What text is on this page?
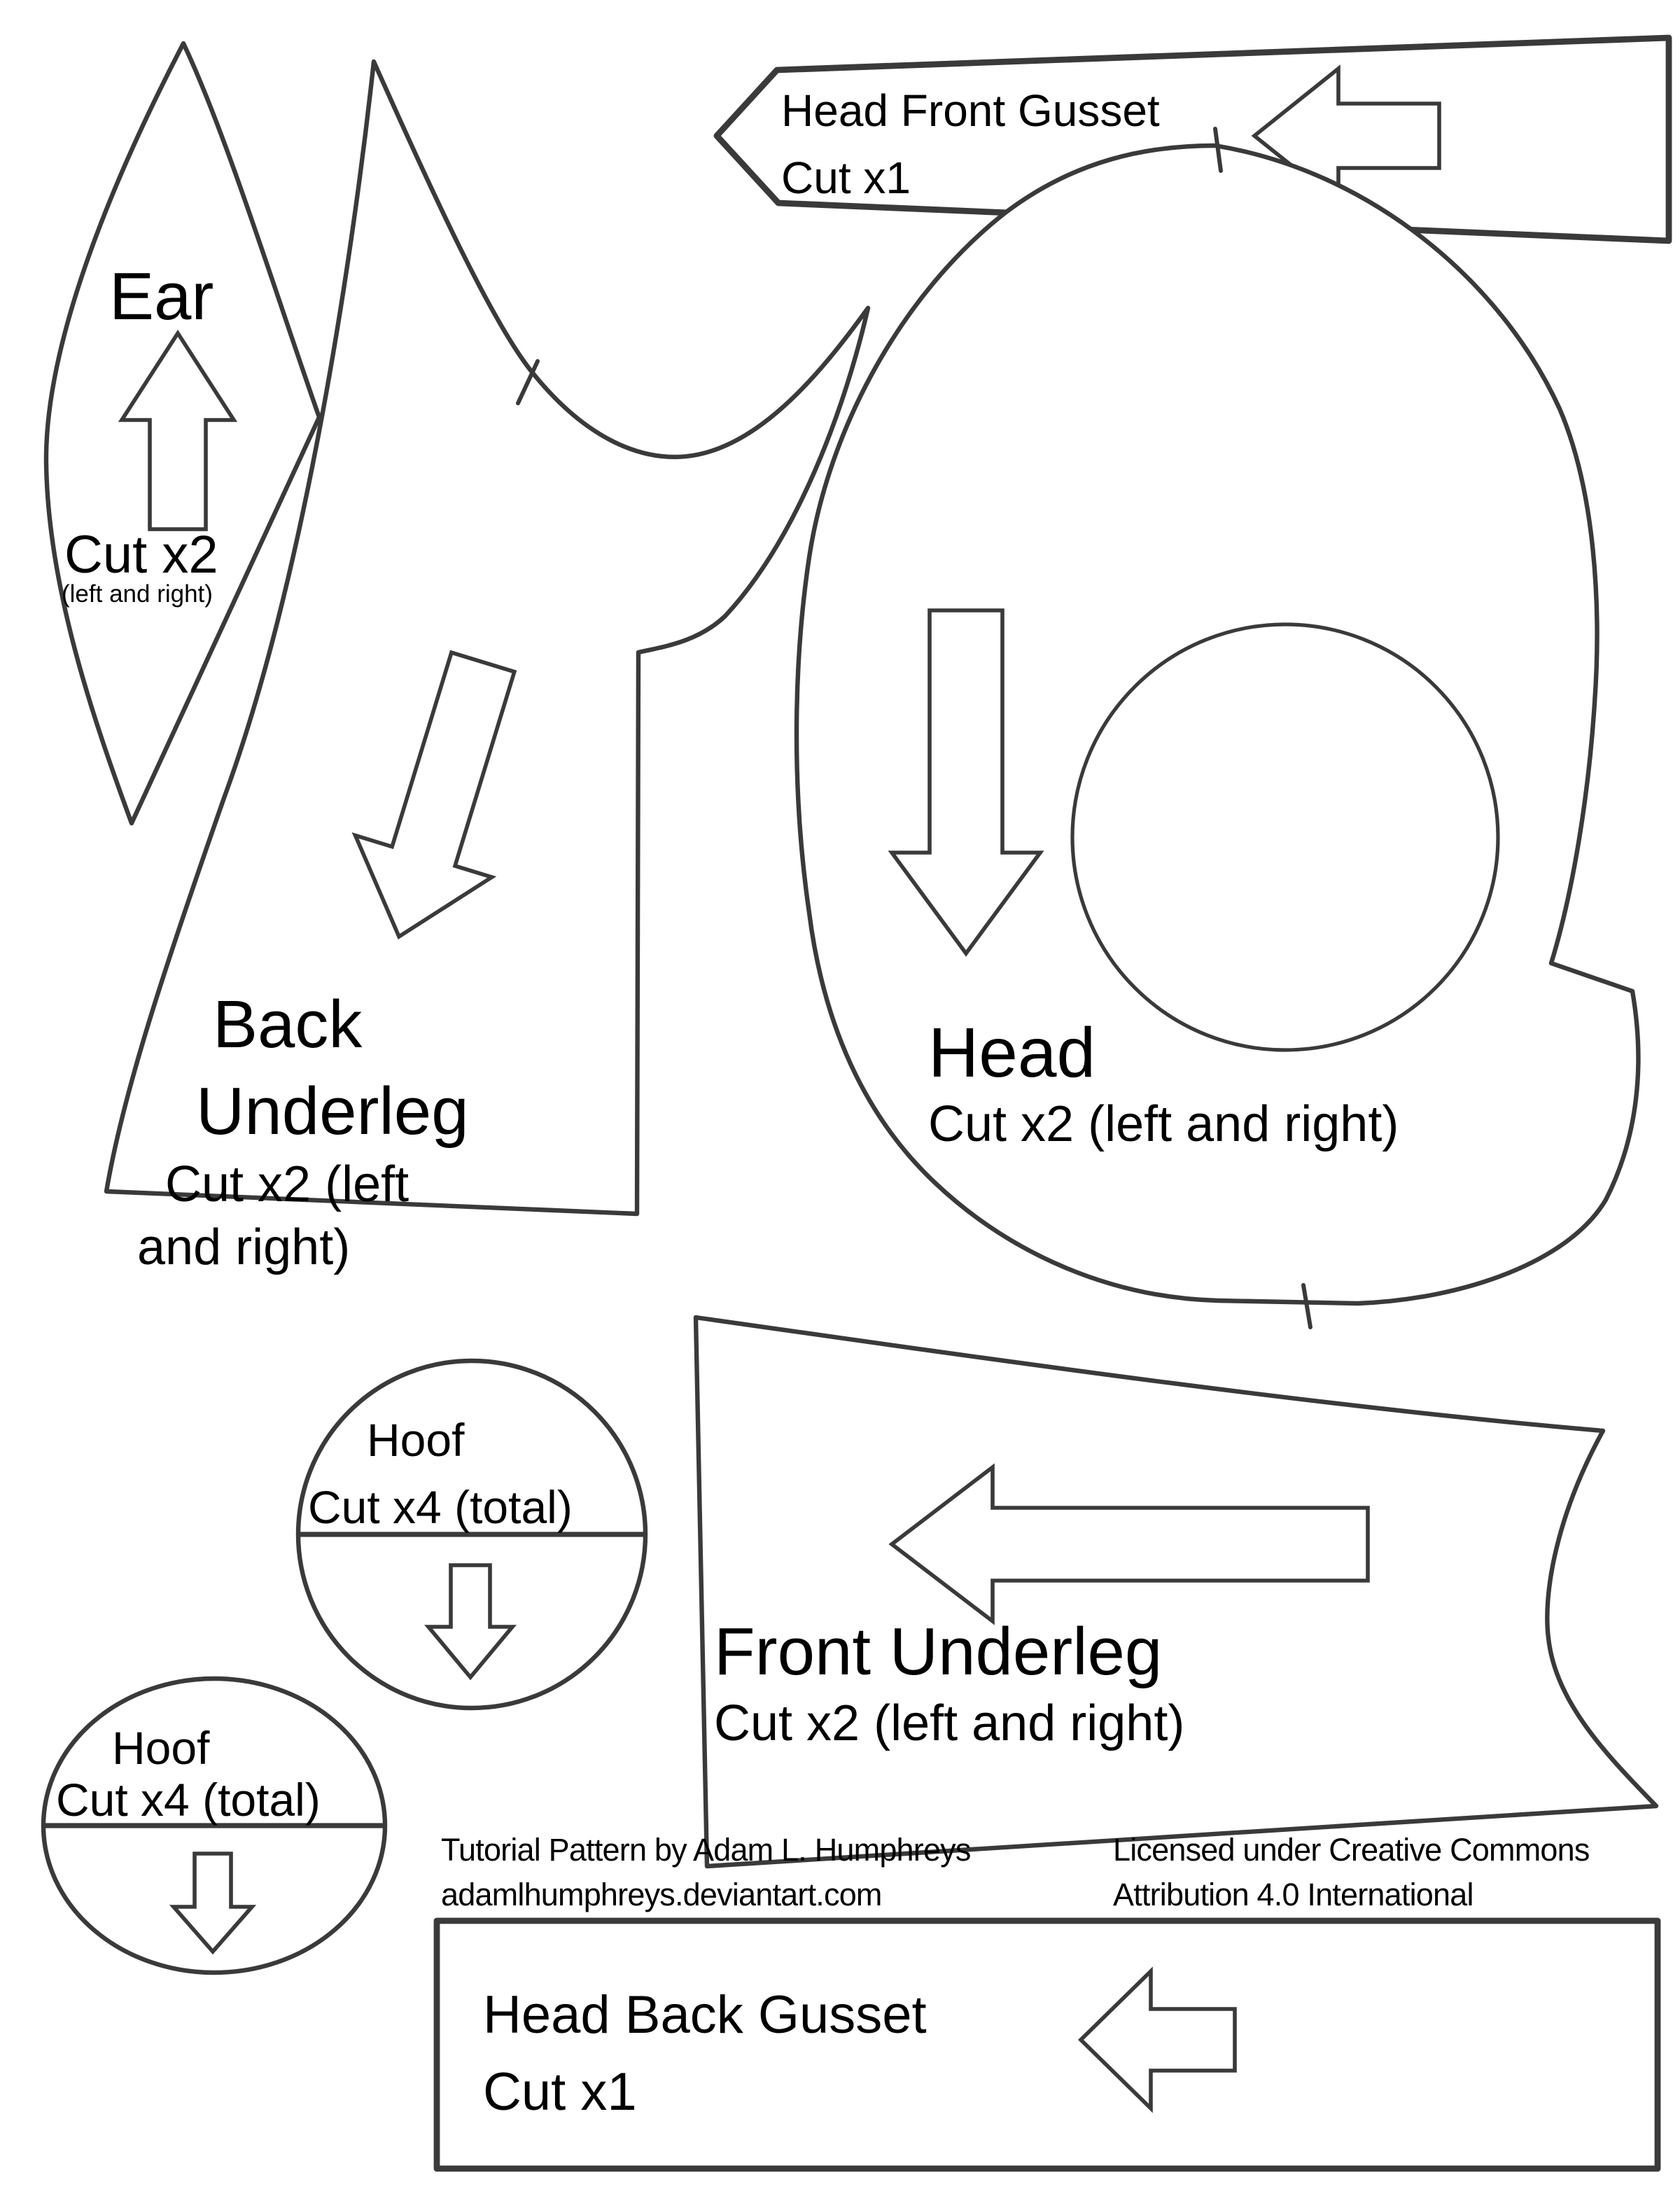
Head Front Gusset
Cut x1
Ear
Cut x2
(left and right)
Back
Underleg
Cut x2 (left
and right)
Head
Cut x2 (left and right)
Hoof
Cut x4 (total)
Hoof
Cut x4 (total)
Front Underleg
Cut x2 (left and right)
Tutorial Pattern by Adam L. Humphreys
adamlhumphreys.deviantart.com
Licensed under Creative Commons
Attribution 4.0 International
Head Back Gusset
Cut x1
